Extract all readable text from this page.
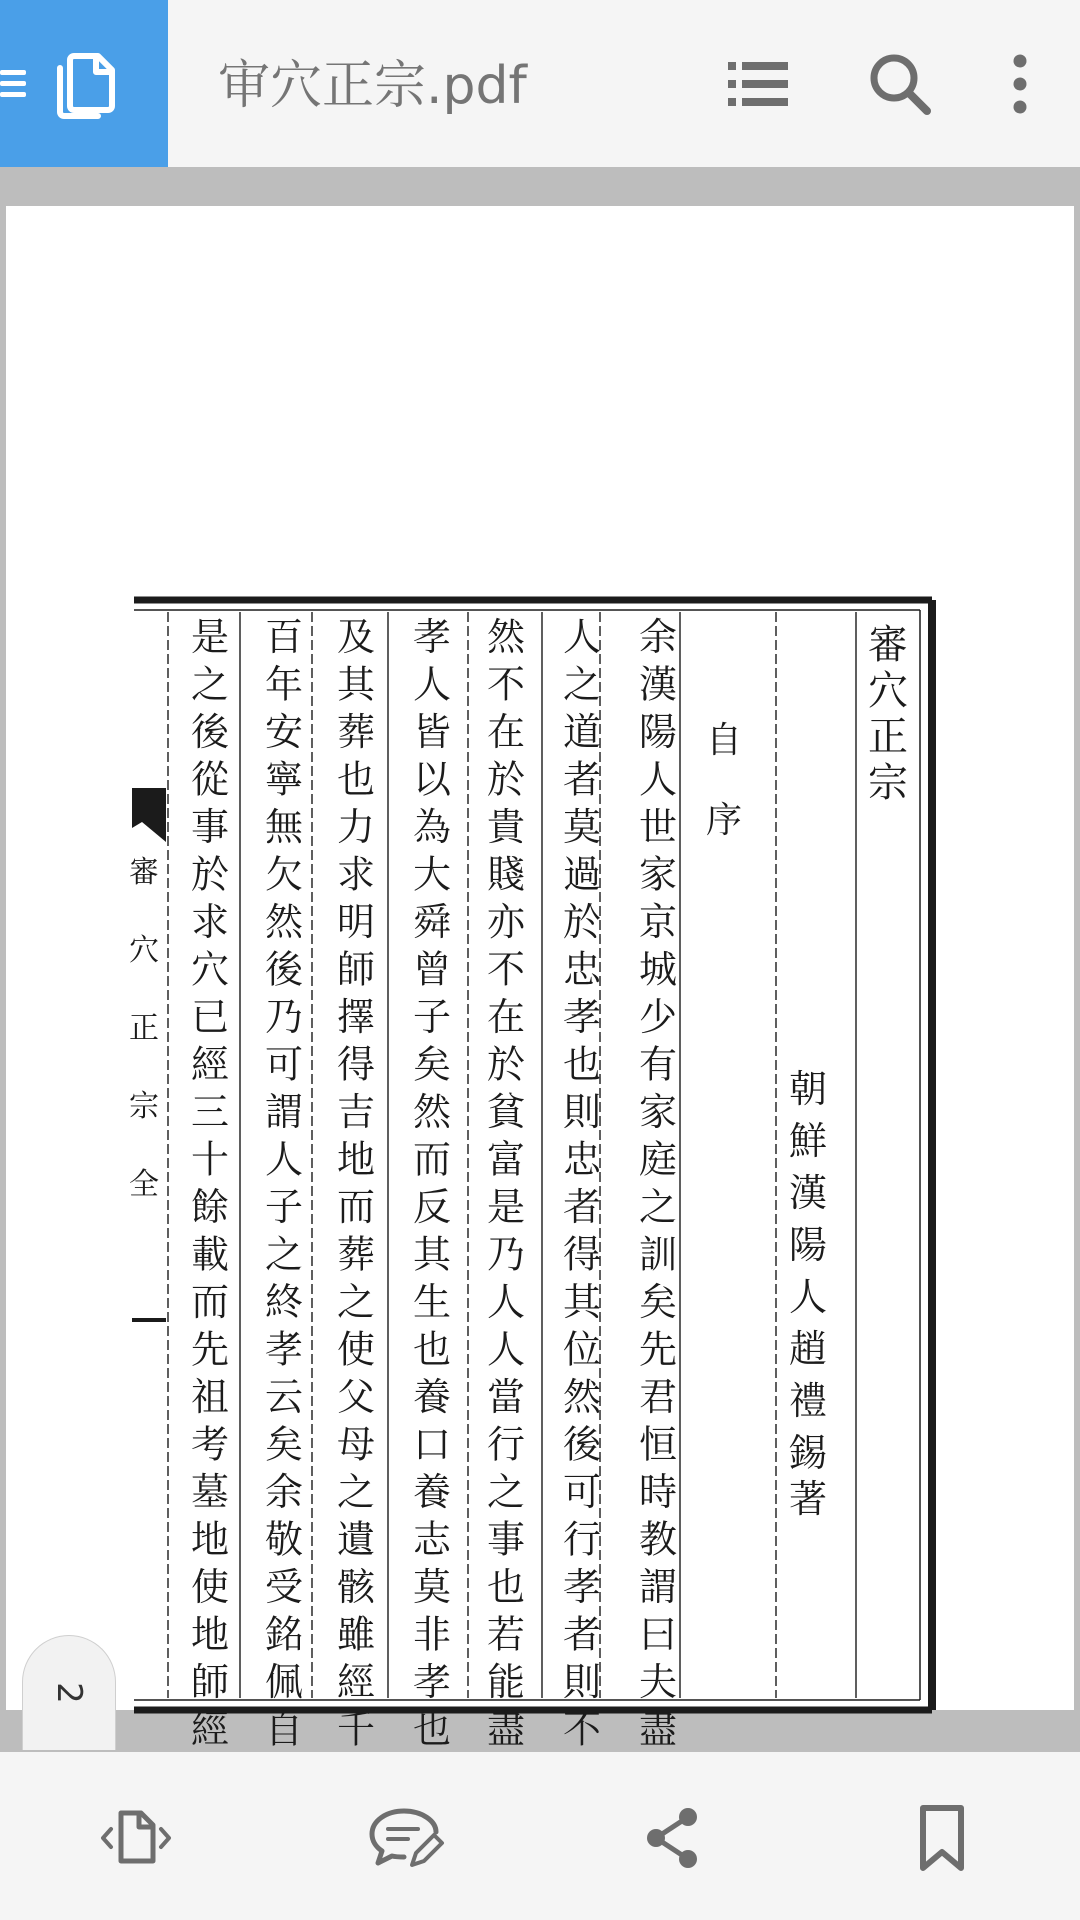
审穴正宗.pdf
審穴正宗
朝鮮漢陽人趙禮錫
著
自序
余漢陽人世家京城少有家庭之訓矣先君恒時教謂曰夫盡
人之道者莫過於忠孝也則忠者得其位然後可行孝者則不
然不在於貴賤亦不在於貧富是乃人人當行之事也若能盡
孝人皆以為大舜曾子矣然而反其生也養口養志莫非孝也
及其葬也力求明師擇得吉地而葬之使父母之遺骸雖經千
百年安寧無欠然後乃可謂人子之終孝云矣余敬受銘佩自
是之後從事於求穴已經三十餘載而先祖考墓地使地師經
審穴正宗全
2
